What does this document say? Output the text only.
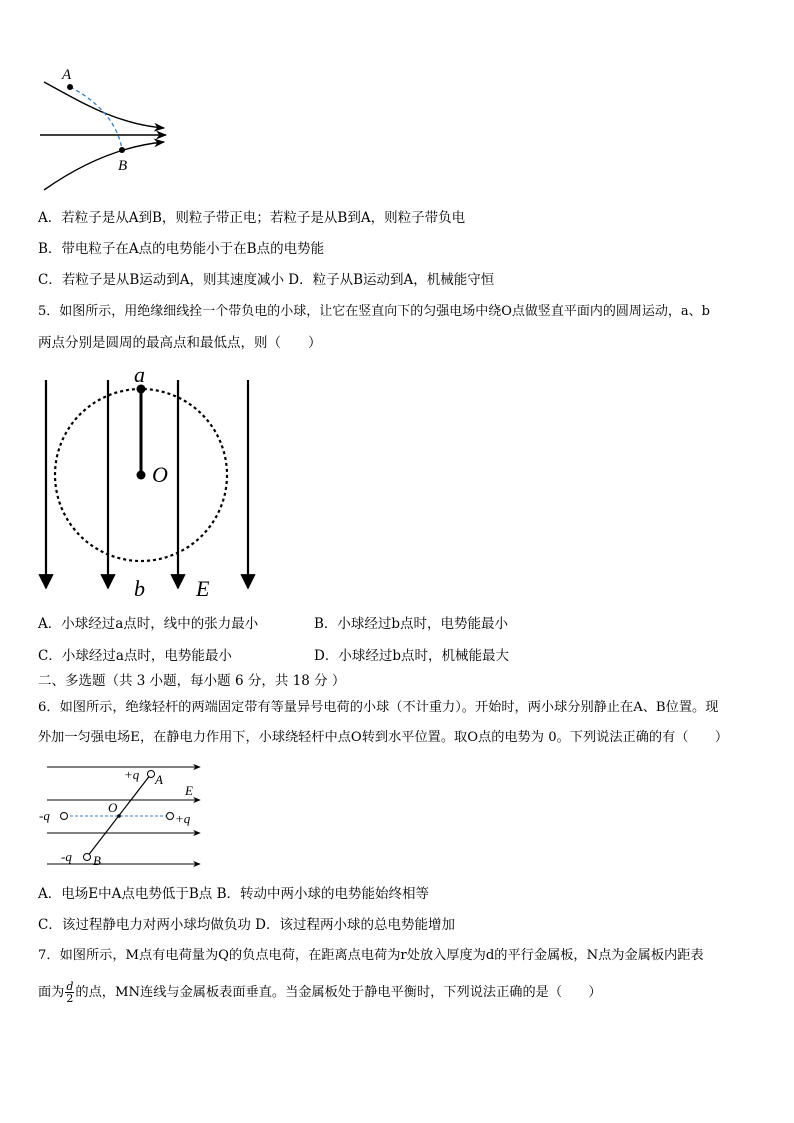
A
B
A．若粒子是从A到B，则粒子带正电；若粒子是从B到A，则粒子带负电
B．带电粒子在A点的电势能小于在B点的电势能
C．若粒子是从B运动到A，则其速度减小 D．粒子从B运动到A，机械能守恒
5．如图所示，用绝缘细线拴一个带负电的小球，让它在竖直向下的匀强电场中绕O点做竖直平面内的圆周运动，a、b
两点分别是圆周的最高点和最低点，则（　　）
a
O
b E
A．小球经过a点时，线中的张力最小	B．小球经过b点时，电势能最小
C．小球经过a点时，电势能最小	D．小球经过b点时，机械能最大
二、多选题（共 3 小题，每小题 6 分，共 18 分 ）
6．如图所示，绝缘轻杆的两端固定带有等量异号电荷的小球（不计重力）。开始时，两小球分别静止在A、B位置。现
外加一匀强电场E，在静电力作用下，小球绕轻杆中点O转到水平位置。取O点的电势为 0。下列说法正确的有（　　）
+q A
E
O
-q	+q
-q B
A．电场E中A点电势低于B点 B．转动中两小球的电势能始终相等
C．该过程静电力对两小球均做负功 D．该过程两小球的总电势能增加
7．如图所示，M点有电荷量为Q的负点电荷，在距离点电荷为r处放入厚度为d的平行金属板，N点为金属板内距表
面为 $\frac{d}{2}$ 的点，MN连线与金属板表面垂直。当金属板处于静电平衡时，下列说法正确的是（　　）
